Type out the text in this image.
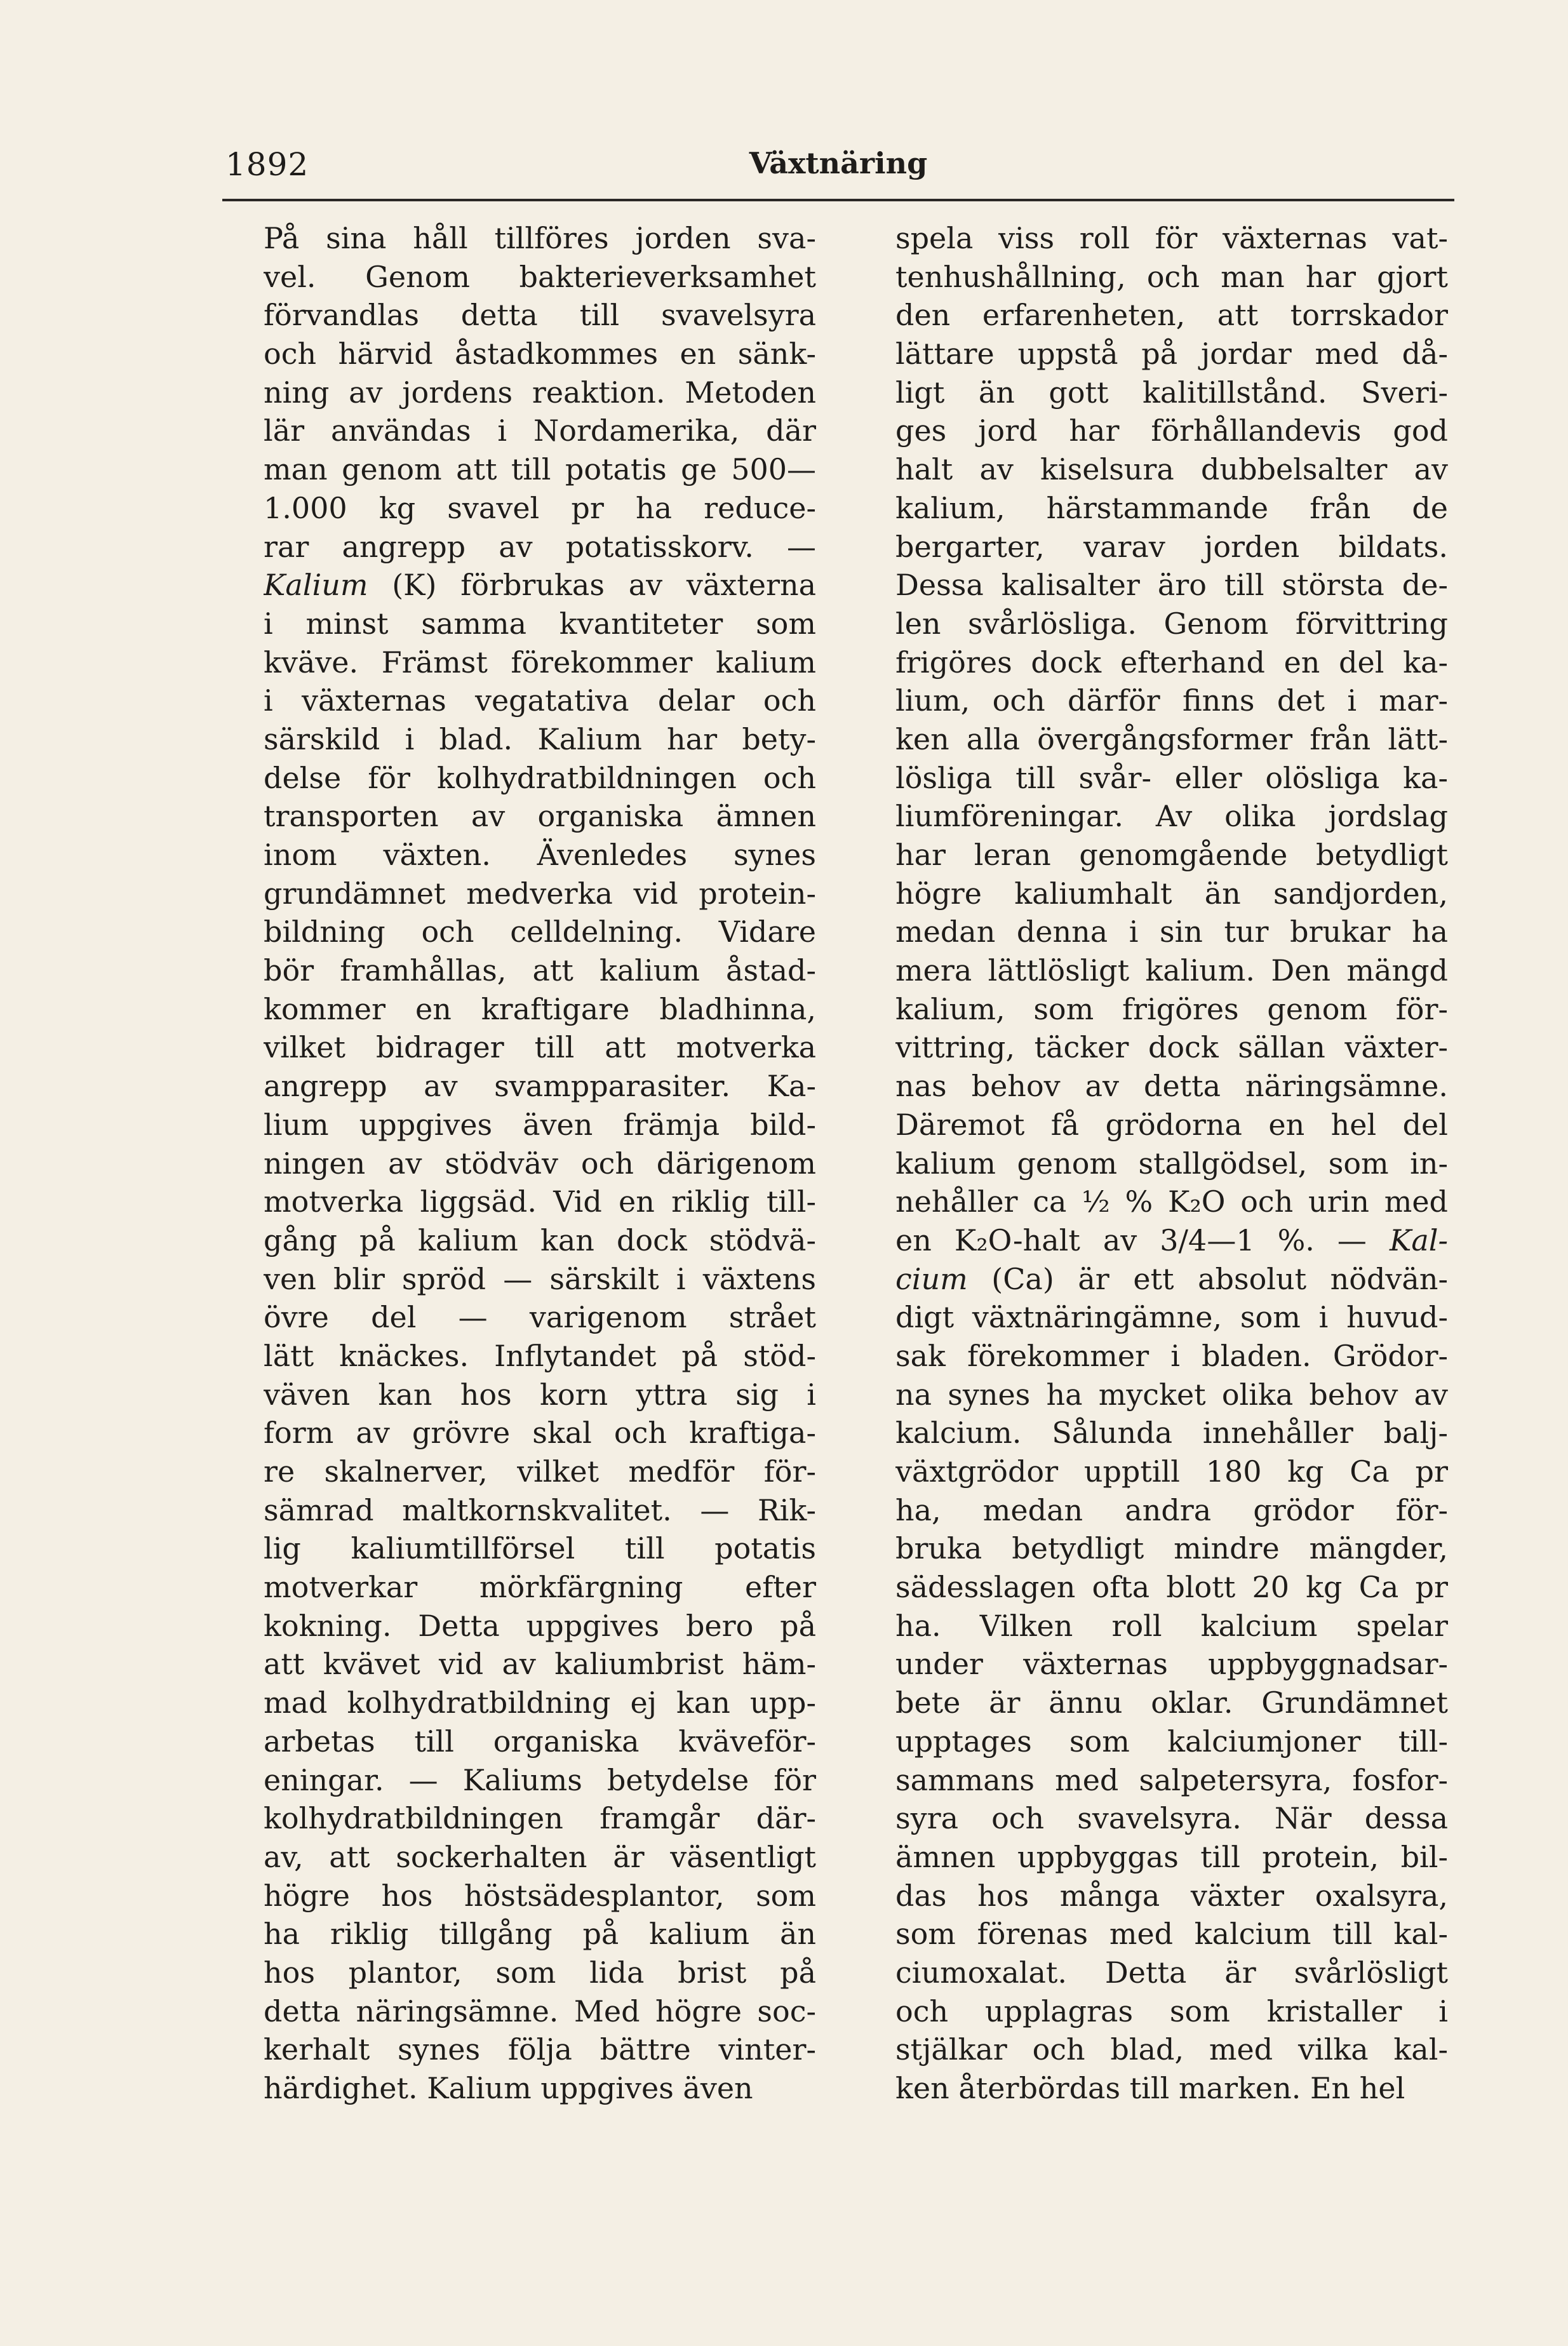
1892	Växtnäring
På sina håll tillföres jorden sva-
vel. Genom bakterieverksamhet
förvandlas detta till svavelsyra
och härvid åstadkommes en sänk-
ning av jordens reaktion. Metoden
lär användas i Nordamerika, där
man genom att till potatis ge 500—
1.000 kg svavel pr ha reduce-
rar angrepp av potatisskorv. —
Kalium (K) förbrukas av växterna
i minst samma kvantiteter som
kväve. Främst förekommer kalium
i växternas vegatativa delar och
särskild i blad. Kalium har bety-
delse för kolhydratbildningen och
transporten av organiska ämnen
inom växten. Ävenledes synes
grundämnet medverka vid protein-
bildning och celldelning. Vidare
bör framhållas, att kalium åstad-
kommer en kraftigare bladhinna,
vilket bidrager till att motverka
angrepp av svampparasiter. Ka-
lium uppgives även främja bild-
ningen av stödväv och därigenom
motverka liggsäd. Vid en riklig till-
gång på kalium kan dock stödvä-
ven blir spröd — särskilt i växtens
övre del — varigenom strået
lätt knäckes. Inflytandet på stöd-
väven kan hos korn yttra sig i
form av grövre skal och kraftiga-
re skalnerver, vilket medför för-
sämrad maltkornskvalitet. — Rik-
lig kaliumtillförsel till potatis
motverkar mörkfärgning efter
kokning. Detta uppgives bero på
att kvävet vid av kaliumbrist häm-
mad kolhydratbildning ej kan upp-
arbetas till organiska kväveför-
eningar. — Kaliums betydelse för
kolhydratbildningen framgår där-
av, att sockerhalten är väsentligt
högre hos höstsädesplantor, som
ha riklig tillgång på kalium än
hos plantor, som lida brist på
detta näringsämne. Med högre soc-
kerhalt synes följa bättre vinter-
härdighet. Kalium uppgives även
spela viss roll för växternas vat-
tenhushållning, och man har gjort
den erfarenheten, att torrskador
lättare uppstå på jordar med då-
ligt än gott kalitillstånd. Sveri-
ges jord har förhållandevis god
halt av kiselsura dubbelsalter av
kalium, härstammande från de
bergarter, varav jorden bildats.
Dessa kalisalter äro till största de-
len svårlösliga. Genom förvittring
frigöres dock efterhand en del ka-
lium, och därför finns det i mar-
ken alla övergångsformer från lätt-
lösliga till svår- eller olösliga ka-
liumföreningar. Av olika jordslag
har leran genomgående betydligt
högre kaliumhalt än sandjorden,
medan denna i sin tur brukar ha
mera lättlösligt kalium. Den mängd
kalium, som frigöres genom för-
vittring, täcker dock sällan växter-
nas behov av detta näringsämne.
Däremot få grödorna en hel del
kalium genom stallgödsel, som in-
nehåller ca ½ % K₂O och urin med
en K₂O-halt av 3/4—1 %. — Kal-
cium (Ca) är ett absolut nödvän-
digt växtnäringämne, som i huvud-
sak förekommer i bladen. Grödor-
na synes ha mycket olika behov av
kalcium. Sålunda innehåller balj-
växtgrödor upptill 180 kg Ca pr
ha, medan andra grödor för-
bruka betydligt mindre mängder,
sädesslagen ofta blott 20 kg Ca pr
ha. Vilken roll kalcium spelar
under växternas uppbyggnadsar-
bete är ännu oklar. Grundämnet
upptages som kalciumjoner till-
sammans med salpetersyra, fosfor-
syra och svavelsyra. När dessa
ämnen uppbyggas till protein, bil-
das hos många växter oxalsyra,
som förenas med kalcium till kal-
ciumoxalat. Detta är svårlösligt
och upplagras som kristaller i
stjälkar och blad, med vilka kal-
ken återbördas till marken. En hel
